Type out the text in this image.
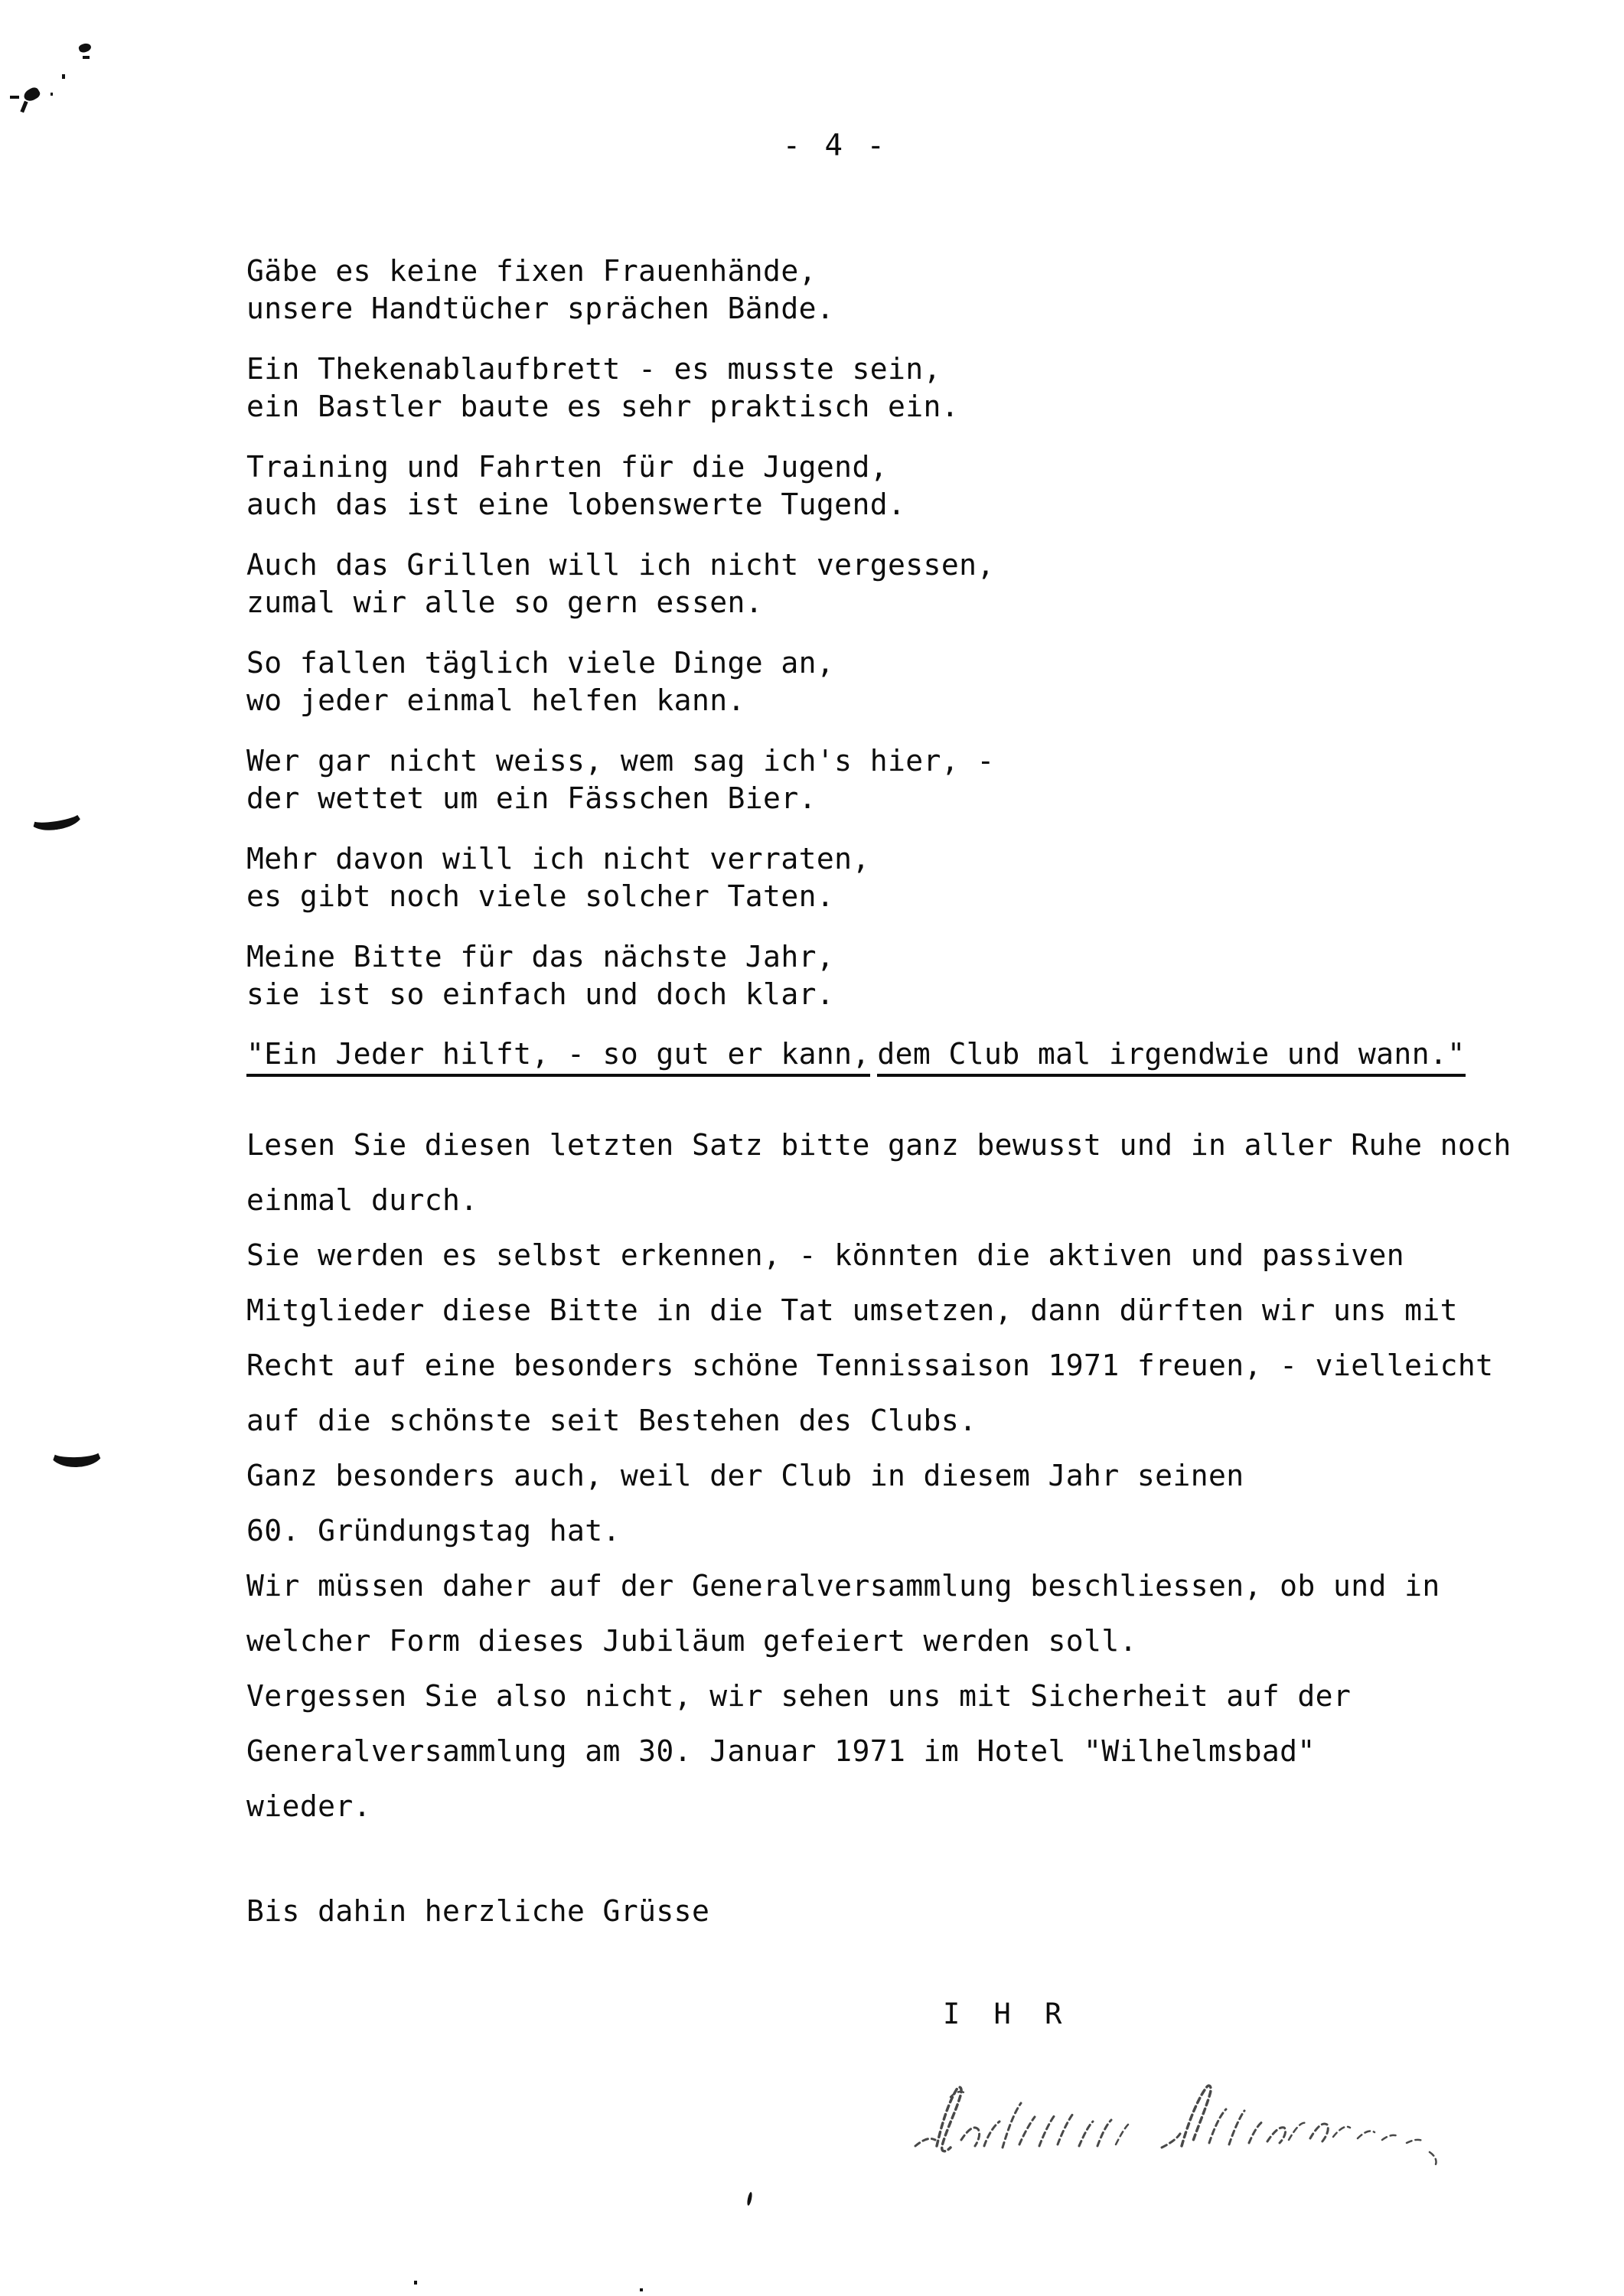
- 4 -
Gäbe es keine fixen Frauenhände,
unsere Handtücher sprächen Bände.
Ein Thekenablaufbrett - es musste sein,
ein Bastler baute es sehr praktisch ein.
Training und Fahrten für die Jugend,
auch das ist eine lobenswerte Tugend.
Auch das Grillen will ich nicht vergessen,
zumal wir alle so gern essen.
So fallen täglich viele Dinge an,
wo jeder einmal helfen kann.
Wer gar nicht weiss, wem sag ich's hier, -
der wettet um ein Fässchen Bier.
Mehr davon will ich nicht verraten,
es gibt noch viele solcher Taten.
Meine Bitte für das nächste Jahr,
sie ist so einfach und doch klar.
"Ein Jeder hilft, - so gut er kann, dem Club mal irgendwie und wann."
Lesen Sie diesen letzten Satz bitte ganz bewusst und in aller Ruhe noch
einmal durch.
Sie werden es selbst erkennen, - könnten die aktiven und passiven
Mitglieder diese Bitte in die Tat umsetzen, dann dürften wir uns mit
Recht auf eine besonders schöne Tennissaison 1971 freuen, - vielleicht
auf die schönste seit Bestehen des Clubs.
Ganz besonders auch, weil der Club in diesem Jahr seinen
60. Gründungstag hat.
Wir müssen daher auf der Generalversammlung beschliessen, ob und in
welcher Form dieses Jubiläum gefeiert werden soll.
Vergessen Sie also nicht, wir sehen uns mit Sicherheit auf der
Generalversammlung am 30. Januar 1971 im Hotel "Wilhelmsbad"
wieder.
Bis dahin herzliche Grüsse
I H R
